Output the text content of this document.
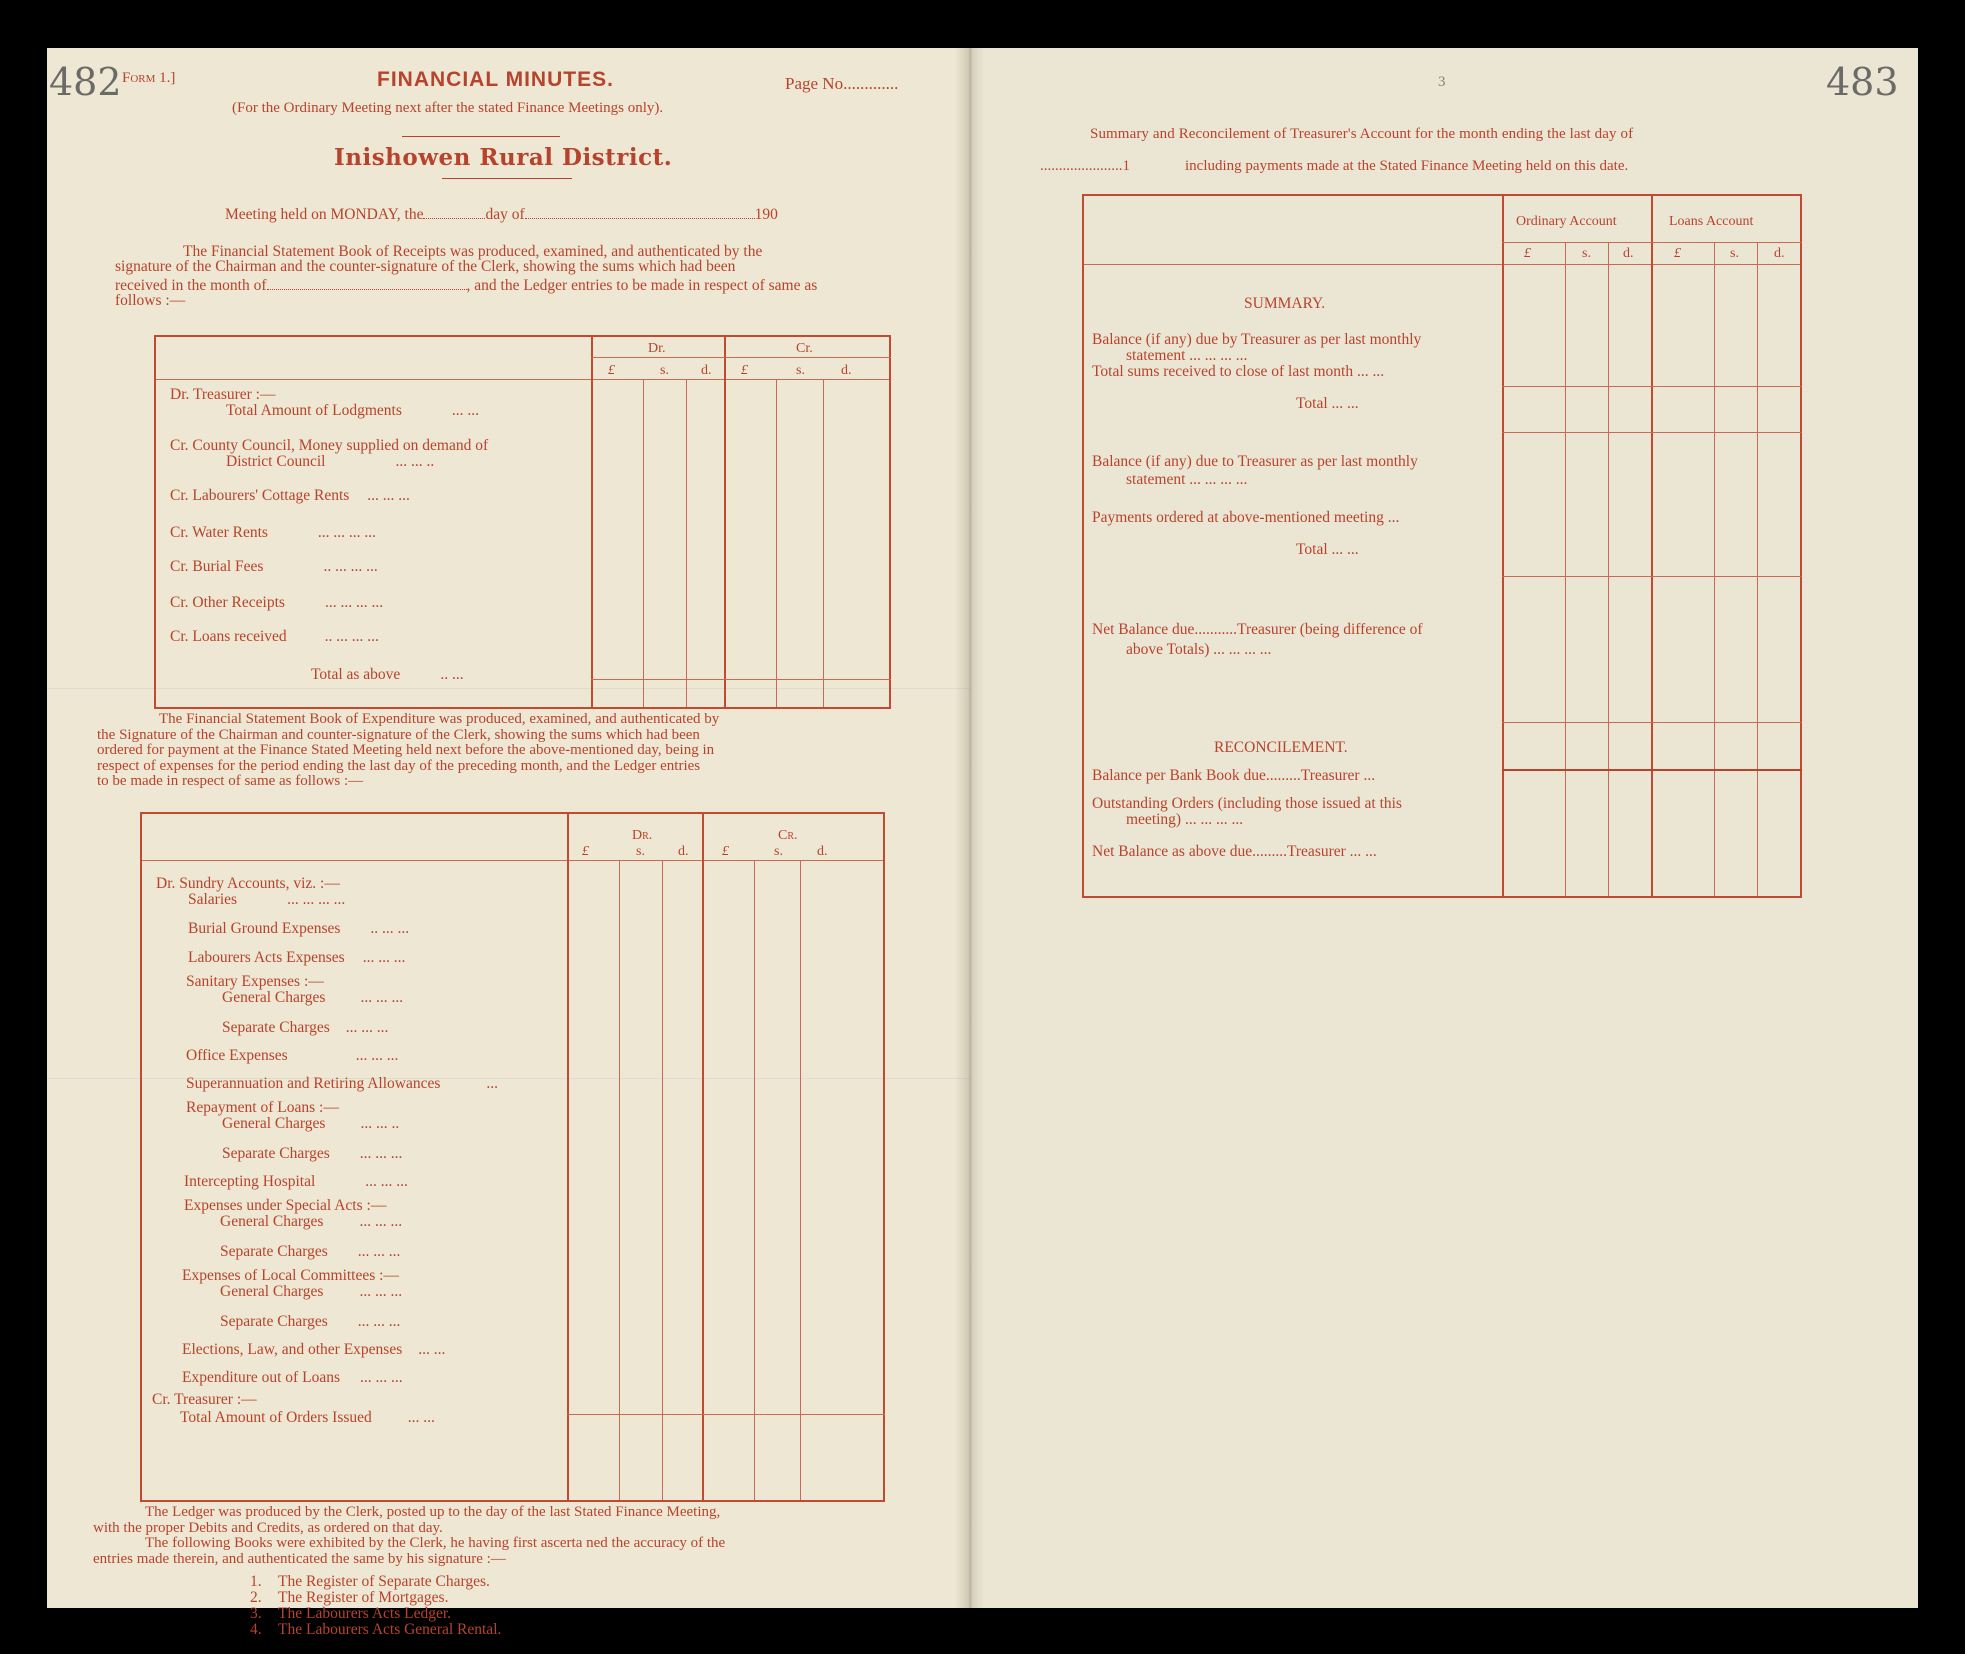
482 Form 1.]	FINANCIAL MINUTES.	Page No.............
(For the Ordinary Meeting next after the stated Finance Meetings only).
Inishowen Rural District.
Meeting held on MONDAY, the	day of	190
The Financial Statement Book of Receipts was produced, examined, and authenticated by the
signature of the Chairman and the counter-signature of the Clerk, showing the sums which had been
received in the month of	, and the Ledger entries to be made in respect of same as
follows :—
Dr.	Cr.
£	s. d. £	s.	d.
Dr. Treasurer :—
Total Amount of Lodgments	... ...
Cr. County Council, Money supplied on demand of
District Council	... ... ..
Cr. Labourers' Cottage Rents ... ... ...
Cr. Water Rents	... ... ... ...
Cr. Burial Fees	.. ... ... ...
Cr. Other Receipts	... ... ... ...
Cr. Loans received .. ... ... ...
Total as above	.. ...
The Financial Statement Book of Expenditure was produced, examined, and authenticated by
the Signature of the Chairman and counter-signature of the Clerk, showing the sums which had been
ordered for payment at the Finance Stated Meeting held next before the above-mentioned day, being in
respect of expenses for the period ending the last day of the preceding month, and the Ledger entries
to be made in respect of same as follows :—
Dr.	Cr.
£	s. d. £	s. d.
Dr. Sundry Accounts, viz. :—
Salaries	... ... ... ...
Burial Ground Expenses .. ... ...
Labourers Acts Expenses ... ... ...
Sanitary Expenses :—
General Charges ... ... ...
Separate Charges ... ... ...
Office Expenses	... ... ...
Superannuation and Retiring Allowances	...
Repayment of Loans :—
General Charges ... ... ..
Separate Charges ... ... ...
Intercepting Hospital	... ... ...
Expenses under Special Acts :—
General Charges ... ... ...
Separate Charges ... ... ...
Expenses of Local Committees :—
General Charges ... ... ...
Separate Charges ... ... ...
Elections, Law, and other Expenses ... ...
Expenditure out of Loans ... ... ...
Cr. Treasurer :—
Total Amount of Orders Issued ... ...
The Ledger was produced by the Clerk, posted up to the day of the last Stated Finance Meeting,
with the proper Debits and Credits, as ordered on that day.
The following Books were exhibited by the Clerk, he having first ascerta ned the accuracy of the
entries made therein, and authenticated the same by his signature :—
1. The Register of Separate Charges.
2. The Register of Mortgages.
3. The Labourers Acts Ledger.
4. The Labourers Acts General Rental.
3	483
Summary and Reconcilement of Treasurer's Account for the month ending the last day of
......................1	including payments made at the Stated Finance Meeting held on this date.
Ordinary Account	Loans Account
£	s. d.	£	s.	d.
SUMMARY.
Balance (if any) due by Treasurer as per last monthly
statement ... ... ... ...
Total sums received to close of last month ... ...
Total ... ...
Balance (if any) due to Treasurer as per last monthly
statement ... ... ... ...
Payments ordered at above-mentioned meeting ...
Total ... ...
Net Balance due...........Treasurer (being difference of
above Totals) ... ... ... ...
RECONCILEMENT.
Balance per Bank Book due.........Treasurer ...
Outstanding Orders (including those issued at this
meeting) ... ... ... ...
Net Balance as above due.........Treasurer ... ...
